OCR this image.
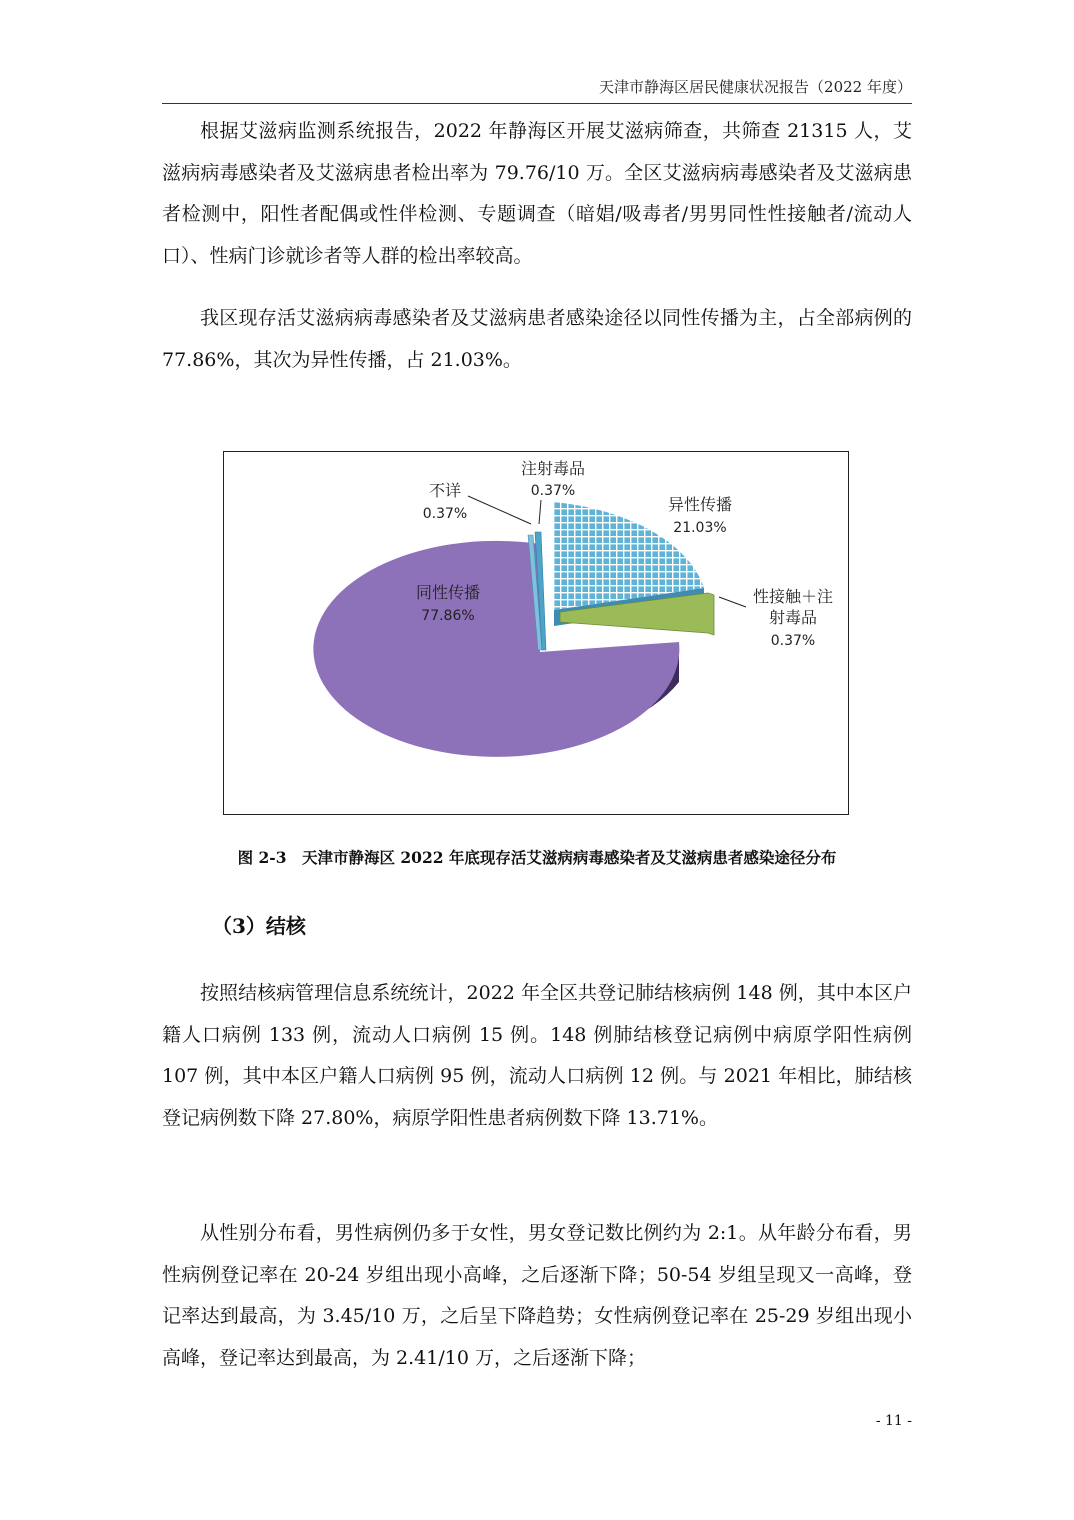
天津市静海区居民健康状况报告（2022 年度）

根据艾滋病监测系统报告，2022 年静海区开展艾滋病筛查，共筛查 21315 人，艾滋病病毒感染者及艾滋病患者检出率为 79.76/10 万。全区艾滋病病毒感染者及艾滋病患者检测中，阳性者配偶或性伴检测、专题调查（暗娼/吸毒者/男男同性性接触者/流动人口）、性病门诊就诊者等人群的检出率较高。

我区现存活艾滋病病毒感染者及艾滋病患者感染途径以同性传播为主，占全部病例的 77.86%，其次为异性传播，占 21.03%。

同性传播
77.86%
异性传播
21.03%
性接触＋注
射毒品
0.37%
注射毒品
0.37%
不详
0.37%
图 2-3　天津市静海区 2022 年底现存活艾滋病病毒感染者及艾滋病患者感染途径分布
（3）结核

按照结核病管理信息系统统计，2022 年全区共登记肺结核病例 148 例，其中本区户籍人口病例 133 例，流动人口病例 15 例。148 例肺结核登记病例中病原学阳性病例 107 例，其中本区户籍人口病例 95 例，流动人口病例 12 例。与 2021 年相比，肺结核登记病例数下降 27.80%，病原学阳性患者病例数下降 13.71%。

从性别分布看，男性病例仍多于女性，男女登记数比例约为 2:1。从年龄分布看，男性病例登记率在 20-24 岁组出现小高峰，之后逐渐下降；50-54 岁组呈现又一高峰，登记率达到最高，为 3.45/10 万，之后呈下降趋势；女性病例登记率在 25-29 岁组出现小高峰，登记率达到最高，为 2.41/10 万，之后逐渐下降；

- 11 -
